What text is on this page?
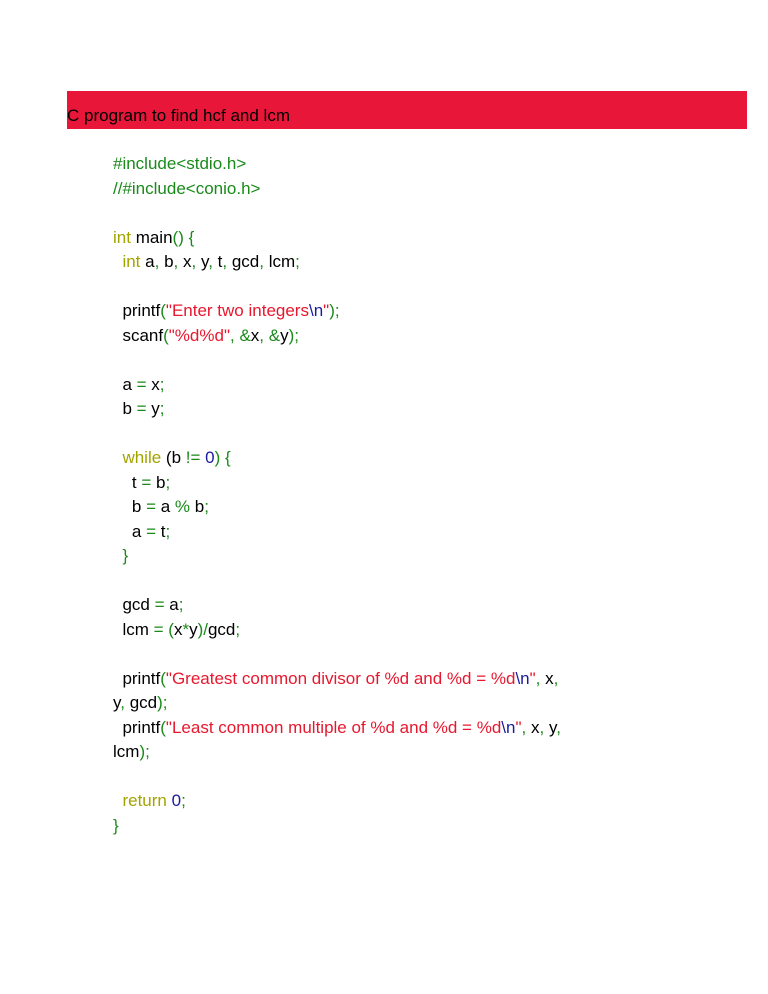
C program to find hcf and lcm
#include<stdio.h>
//#include<conio.h>

int main() {
int a, b, x, y, t, gcd, lcm;

printf("Enter two integers\n");
scanf("%d%d", &x, &y);

a = x;
b = y;

while (b != 0) {
t = b;
b = a % b;
a = t;
}

gcd = a;
lcm = (x*y)/gcd;

printf("Greatest common divisor of %d and %d = %d\n", x,
y, gcd);
printf("Least common multiple of %d and %d = %d\n", x, y,
lcm);

return 0;
}
